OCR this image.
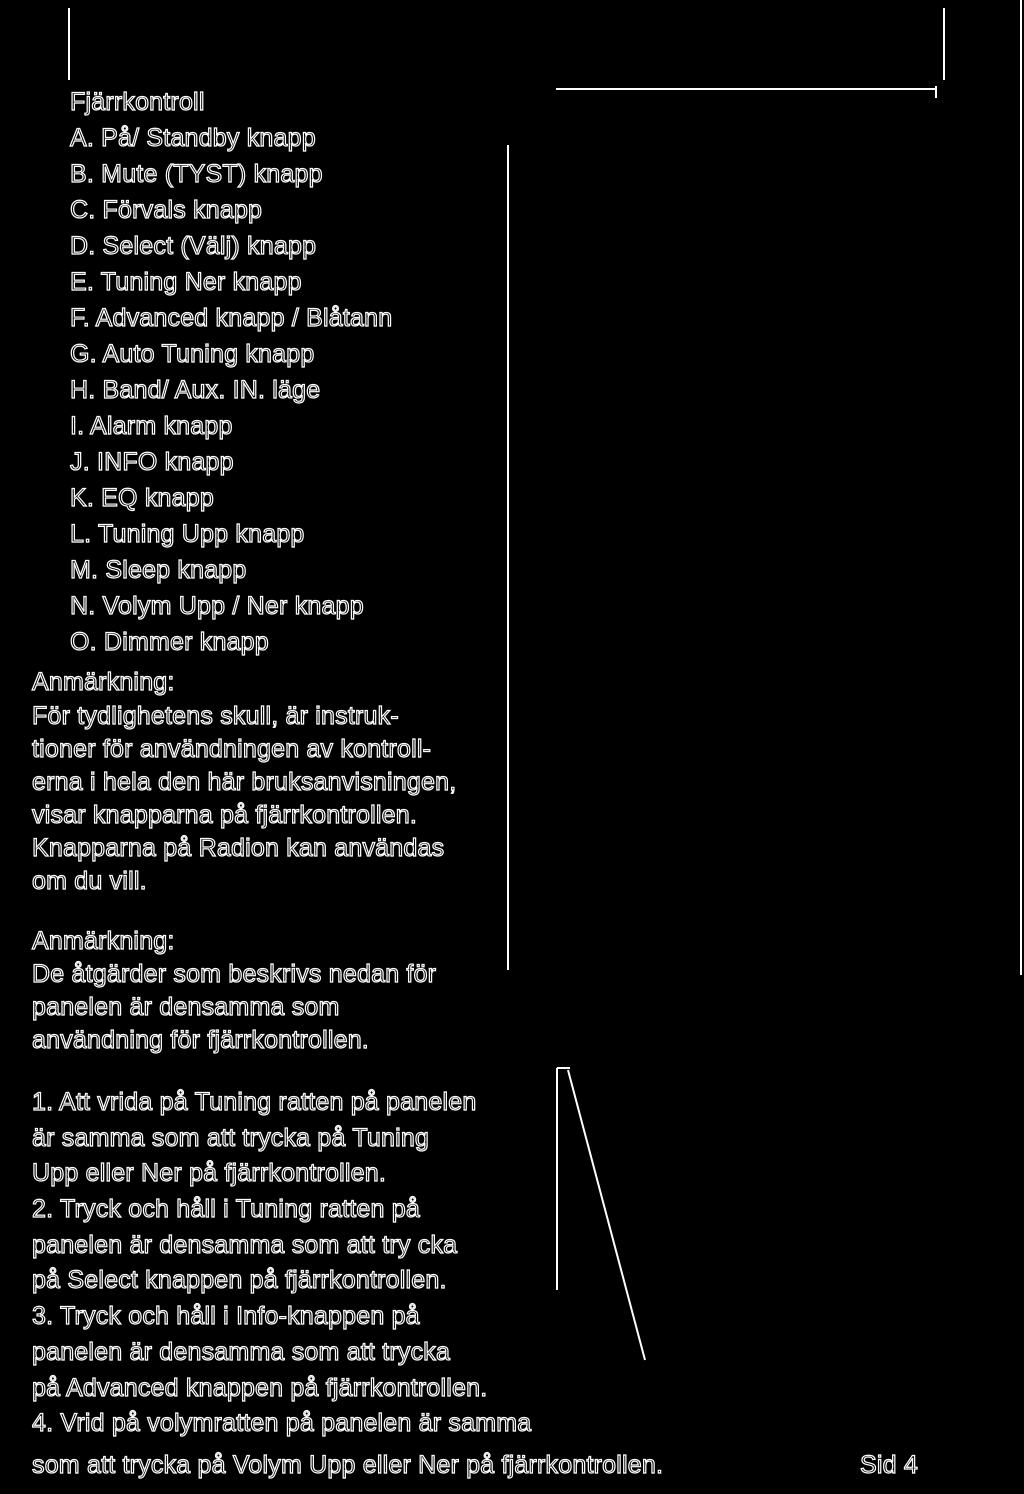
Fjärrkontroll

A. På/ Standby knapp

B. Mute (TYST) knapp

C. Förvals knapp

D. Select (Välj) knapp

E. Tuning Ner knapp

F. Advanced knapp / Blåtann

G. Auto Tuning knapp

H. Band/ Aux. IN. läge

I. Alarm knapp

J. INFO knapp

K. EQ knapp

L. Tuning Upp knapp

M. Sleep knapp

N. Volym Upp / Ner knapp

O. Dimmer knapp

Anmärkning:

För tydlighetens skull, är instruk-

tioner för användningen av kontroll-

erna i hela den här bruksanvisningen,

visar knapparna på fjärrkontrollen.

Knapparna på Radion kan användas

om du vill.

Anmärkning:

De åtgärder som beskrivs nedan för

panelen är densamma som

användning för fjärrkontrollen.

1. Att vrida på Tuning ratten på panelen

är samma som att trycka på Tuning

Upp eller Ner på fjärrkontrollen.

2. Tryck och håll i Tuning ratten på

panelen är densamma som att try cka

på Select knappen på fjärrkontrollen.

3. Tryck och håll i Info-knappen på

panelen är densamma som att trycka

på Advanced knappen på fjärrkontrollen.

4. Vrid på volymratten på panelen är samma

som att trycka på Volym Upp eller Ner på fjärrkontrollen.	Sid 4
